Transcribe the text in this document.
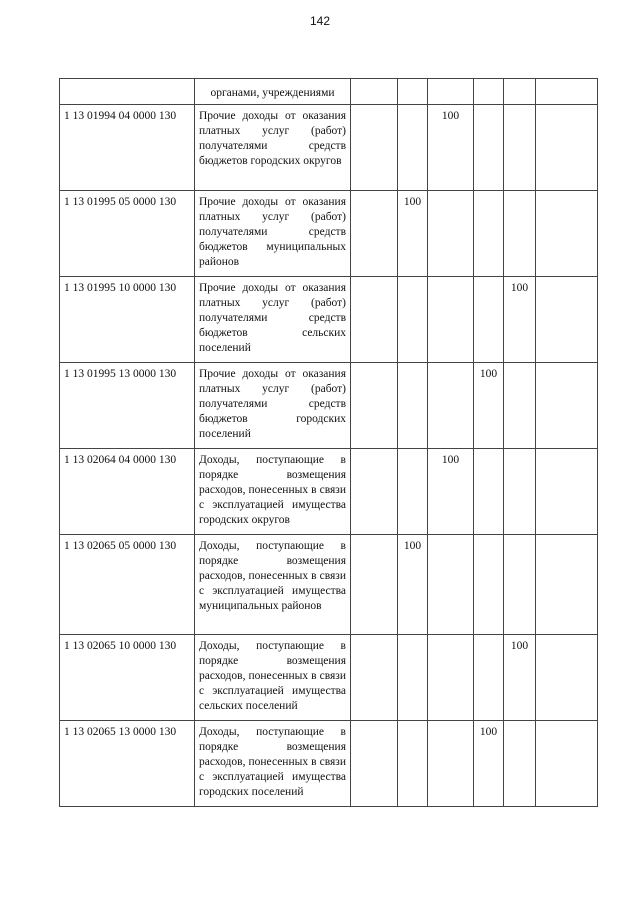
142
	органами, учреждениями						
1 13 01994 04 0000 130	Прочие доходы от оказания платных услуг (работ) получателями средств бюджетов городских округов			100			
1 13 01995 05 0000 130	Прочие доходы от оказания платных услуг (работ) получателями средств бюджетов муниципальных районов		100				
1 13 01995 10 0000 130	Прочие доходы от оказания платных услуг (работ) получателями средств бюджетов сельских поселений					100	
1 13 01995 13 0000 130	Прочие доходы от оказания платных услуг (работ) получателями средств бюджетов городских поселений				100		
1 13 02064 04 0000 130	Доходы, поступающие в порядке возмещения расходов, понесенных в связи с эксплуатацией имущества городских округов			100			
1 13 02065 05 0000 130	Доходы, поступающие в порядке возмещения расходов, понесенных в связи с эксплуатацией имущества муниципальных районов		100				
1 13 02065 10 0000 130	Доходы, поступающие в порядке возмещения расходов, понесенных в связи с эксплуатацией имущества сельских поселений					100	
1 13 02065 13 0000 130	Доходы, поступающие в порядке возмещения расходов, понесенных в связи с эксплуатацией имущества городских поселений				100		
